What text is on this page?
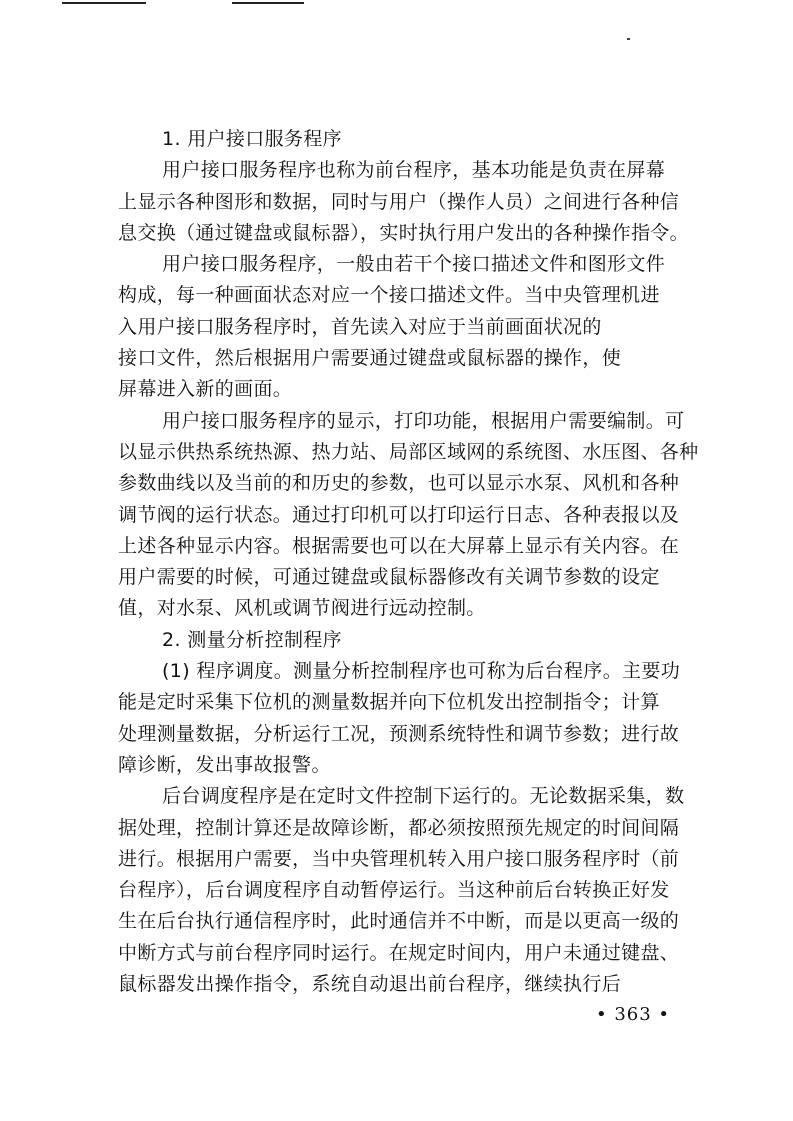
1. 用户接口服务程序
用户接口服务程序也称为前台程序，基本功能是负责在屏幕
上显示各种图形和数据，同时与用户（操作人员）之间进行各种信
息交换（通过键盘或鼠标器），实时执行用户发出的各种操作指令。
用户接口服务程序，一般由若干个接口描述文件和图形文件
构成，每一种画面状态对应一个接口描述文件。当中央管理机进
入用户接口服务程序时，首先读入对应于当前画面状况的
接口文件，然后根据用户需要通过键盘或鼠标器的操作，使
屏幕进入新的画面。
用户接口服务程序的显示，打印功能，根据用户需要编制。可
以显示供热系统热源、热力站、局部区域网的系统图、水压图、各种
参数曲线以及当前的和历史的参数，也可以显示水泵、风机和各种
调节阀的运行状态。通过打印机可以打印运行日志、各种表报以及
上述各种显示内容。根据需要也可以在大屏幕上显示有关内容。在
用户需要的时候，可通过键盘或鼠标器修改有关调节参数的设定
值，对水泵、风机或调节阀进行远动控制。
2. 测量分析控制程序
(1) 程序调度。测量分析控制程序也可称为后台程序。主要功
能是定时采集下位机的测量数据并向下位机发出控制指令；计算
处理测量数据，分析运行工况，预测系统特性和调节参数；进行故
障诊断，发出事故报警。
后台调度程序是在定时文件控制下运行的。无论数据采集，数
据处理，控制计算还是故障诊断，都必须按照预先规定的时间间隔
进行。根据用户需要，当中央管理机转入用户接口服务程序时（前
台程序），后台调度程序自动暂停运行。当这种前后台转换正好发
生在后台执行通信程序时，此时通信并不中断，而是以更高一级的
中断方式与前台程序同时运行。在规定时间内，用户未通过键盘、
鼠标器发出操作指令，系统自动退出前台程序，继续执行后
• 363 •
